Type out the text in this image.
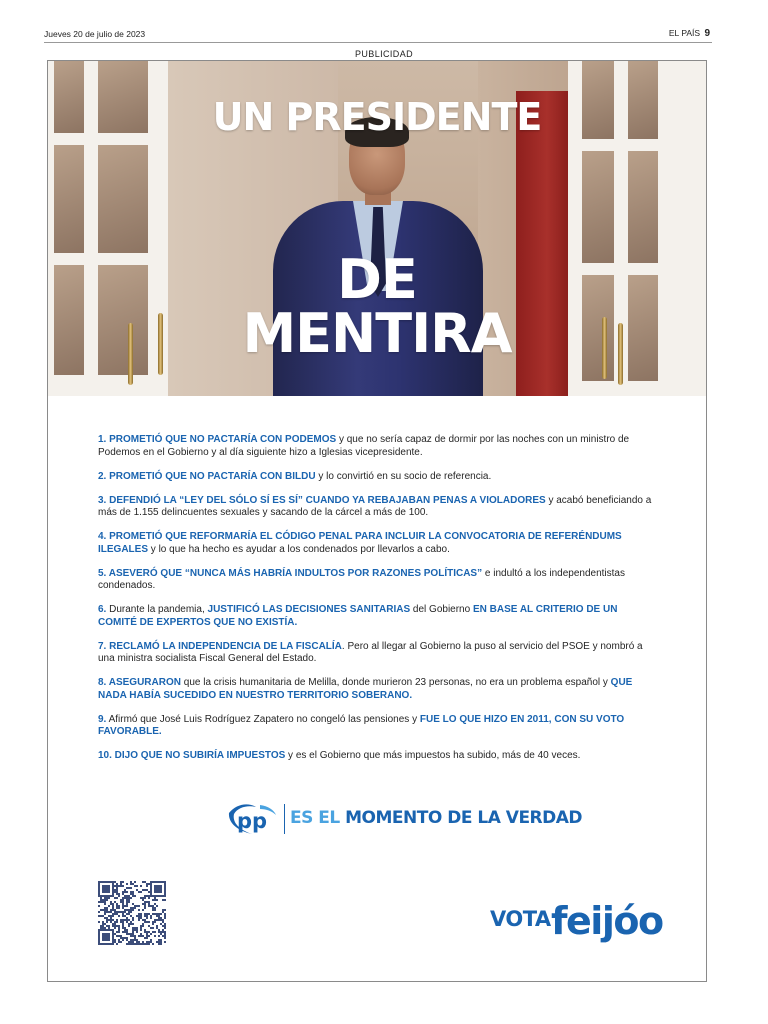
Jueves 20 de julio de 2023	EL PAÍS 9
PUBLICIDAD
UN PRESIDENTE
DE
MENTIRA

1. PROMETIÓ QUE NO PACTARÍA CON PODEMOS y que no sería capaz de dormir por las noches con un ministro de Podemos en el Gobierno y al día siguiente hizo a Iglesias vicepresidente.

2. PROMETIÓ QUE NO PACTARÍA CON BILDU y lo convirtió en su socio de referencia.

3. DEFENDIÓ LA “LEY DEL SÓLO SÍ ES SÍ” CUANDO YA REBAJABAN PENAS A VIOLADORES y acabó beneficiando a más de 1.155 delincuentes sexuales y sacando de la cárcel a más de 100.

4. PROMETIÓ QUE REFORMARÍA EL CÓDIGO PENAL PARA INCLUIR LA CONVOCATORIA DE REFERÉNDUMS ILEGALES y lo que ha hecho es ayudar a los condenados por llevarlos a cabo.

5. ASEVERÓ QUE “NUNCA MÁS HABRÍA INDULTOS POR RAZONES POLÍTICAS” e indultó a los independentistas condenados.

6. Durante la pandemia, JUSTIFICÓ LAS DECISIONES SANITARIAS del Gobierno EN BASE AL CRITERIO DE UN COMITÉ DE EXPERTOS QUE NO EXISTÍA.

7. RECLAMÓ LA INDEPENDENCIA DE LA FISCALÍA. Pero al llegar al Gobierno la puso al servicio del PSOE y nombró a una ministra socialista Fiscal General del Estado.

8. ASEGURARON que la crisis humanitaria de Melilla, donde murieron 23 personas, no era un problema español y QUE NADA HABÍA SUCEDIDO EN NUESTRO TERRITORIO SOBERANO.

9. Afirmó que José Luis Rodríguez Zapatero no congeló las pensiones y FUE LO QUE HIZO EN 2011, CON SU VOTO FAVORABLE.

10. DIJO QUE NO SUBIRÍA IMPUESTOS y es el Gobierno que más impuestos ha subido, más de 40 veces.

pp ES EL MOMENTO DE LA VERDAD
VOTA feijóo
